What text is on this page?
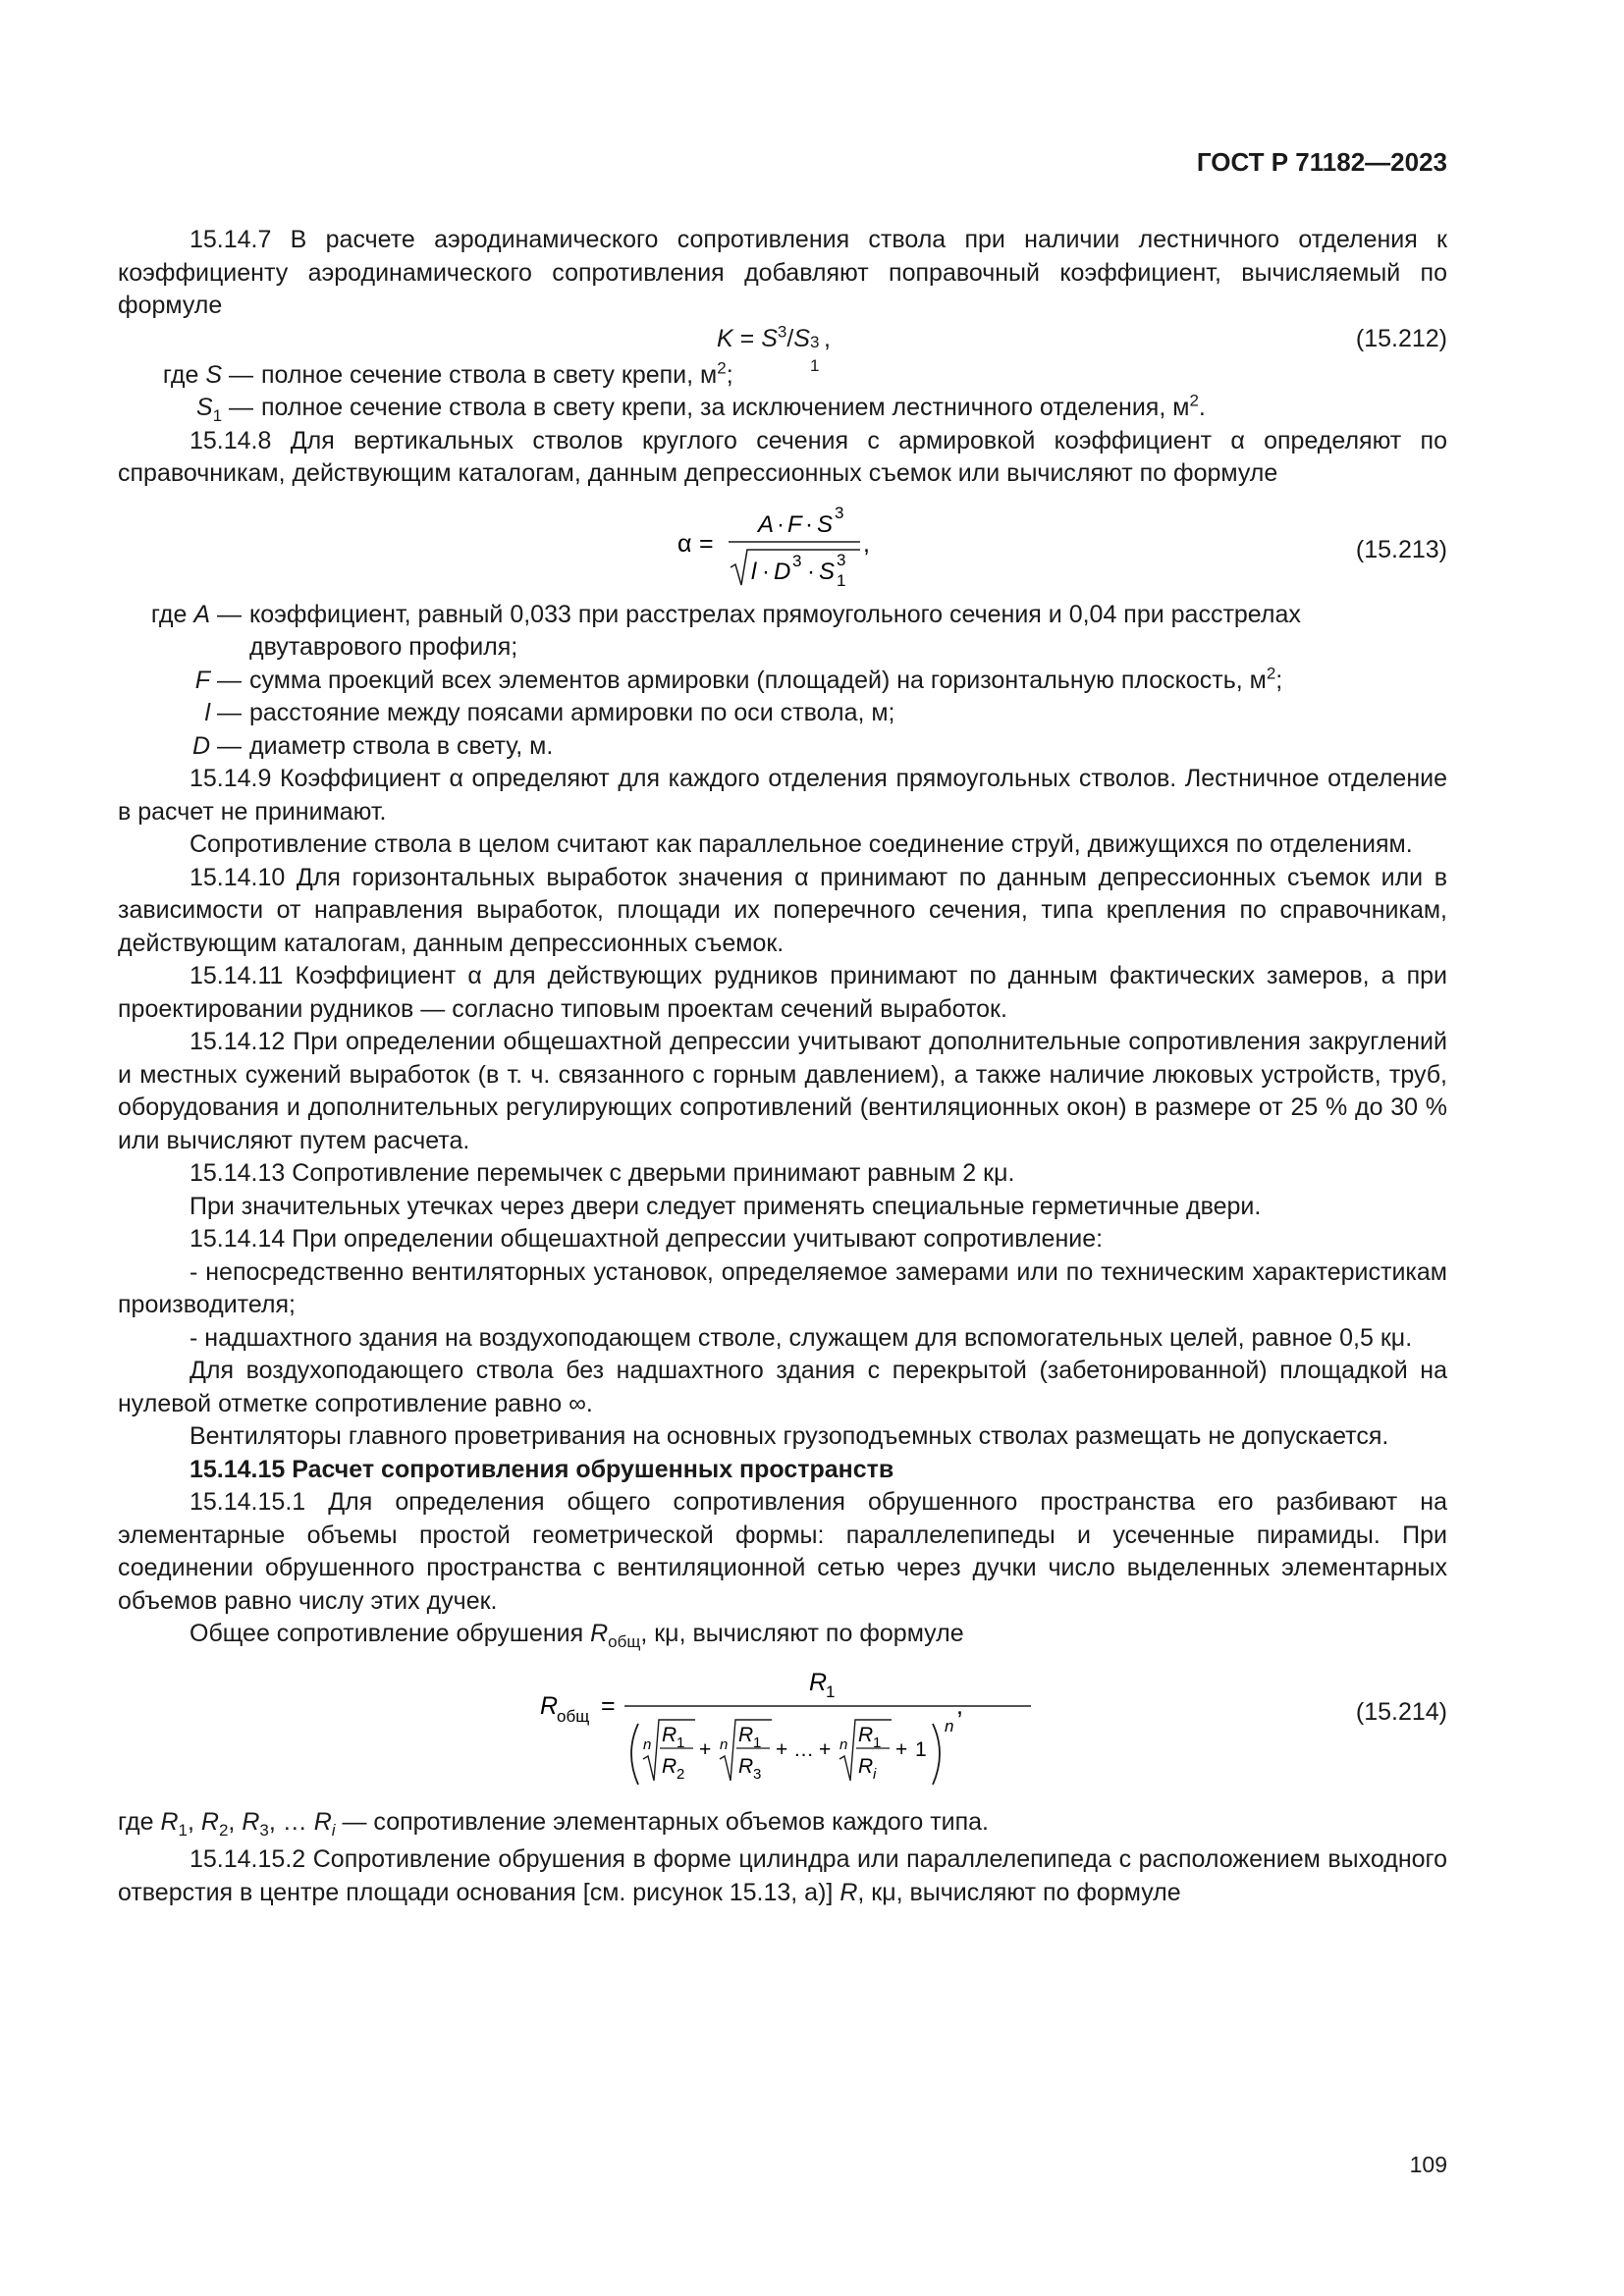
ГОСТ Р 71182—2023

15.14.7 В расчете аэродинамического сопротивления ствола при наличии лестничного отделения к коэффициенту аэродинамического сопротивления добавляют поправочный коэффициент, вычисляемый по формуле

$K = S^3/S$ 3
1
,	(15.212)
где S — полное сечение ствола в свету крепи, $м^2$;
$S_1$ — полное сечение ствола в свету крепи, за исключением лестничного отделения, $м^2$.

15.14.8 Для вертикальных стволов круглого сечения с армировкой коэффициент α определяют по справочникам, действующим каталогам, данным депрессионных съемок или вычисляют по формуле

α =
A · F · S 3
l · D 3 · S 1
3
,	(15.213)
где A — коэффициент, равный 0,033 при расстрелах прямоугольного сечения и 0,04 при расстрелах двутаврового профиля;
F — сумма проекций всех элементов армировки (площадей) на горизонтальную плоскость, $м^2$;
l — расстояние между поясами армировки по оси ствола, м;
D — диаметр ствола в свету, м.

15.14.9 Коэффициент α определяют для каждого отделения прямоугольных стволов. Лестничное отделение в расчет не принимают.

Сопротивление ствола в целом считают как параллельное соединение струй, движущихся по отделениям.

15.14.10 Для горизонтальных выработок значения α принимают по данным депрессионных съемок или в зависимости от направления выработок, площади их поперечного сечения, типа крепления по справочникам, действующим каталогам, данным депрессионных съемок.

15.14.11 Коэффициент α для действующих рудников принимают по данным фактических замеров, а при проектировании рудников — согласно типовым проектам сечений выработок.

15.14.12 При определении общешахтной депрессии учитывают дополнительные сопротивления закруглений и местных сужений выработок (в т. ч. связанного с горным давлением), а также наличие люковых устройств, труб, оборудования и дополнительных регулирующих сопротивлений (вентиляционных окон) в размере от 25 % до 30 % или вычисляют путем расчета.

15.14.13 Сопротивление перемычек с дверьми принимают равным 2 кμ.

При значительных утечках через двери следует применять специальные герметичные двери.

15.14.14 При определении общешахтной депрессии учитывают сопротивление:

- непосредственно вентиляторных установок, определяемое замерами или по техническим характеристикам производителя;

- надшахтного здания на воздухоподающем стволе, служащем для вспомогательных целей, равное 0,5 кμ.

Для воздухоподающего ствола без надшахтного здания с перекрытой (забетонированной) площадкой на нулевой отметке сопротивление равно ∞.

Вентиляторы главного проветривания на основных грузоподъемных стволах размещать не допускается.

15.14.15 Расчет сопротивления обрушенных пространств

15.14.15.1 Для определения общего сопротивления обрушенного пространства его разбивают на элементарные объемы простой геометрической формы: параллелепипеды и усеченные пирамиды. При соединении обрушенного пространства с вентиляционной сетью через дучки число выделенных элементарных объемов равно числу этих дучек.

Общее сопротивление обрушения $R_{общ}$, кμ, вычисляют по формуле

R
общ =
R
1
n R 1
R 2
+ n R 1
R 3
+ … + n R 1
R i
+ 1
n
,	(15.214)

где $R_1$, $R_2$, $R_3$, … $R_i$ — сопротивление элементарных объемов каждого типа.

15.14.15.2 Сопротивление обрушения в форме цилиндра или параллелепипеда с расположением выходного отверстия в центре площади основания [см. рисунок 15.13, а)] R, кμ, вычисляют по формуле

109
